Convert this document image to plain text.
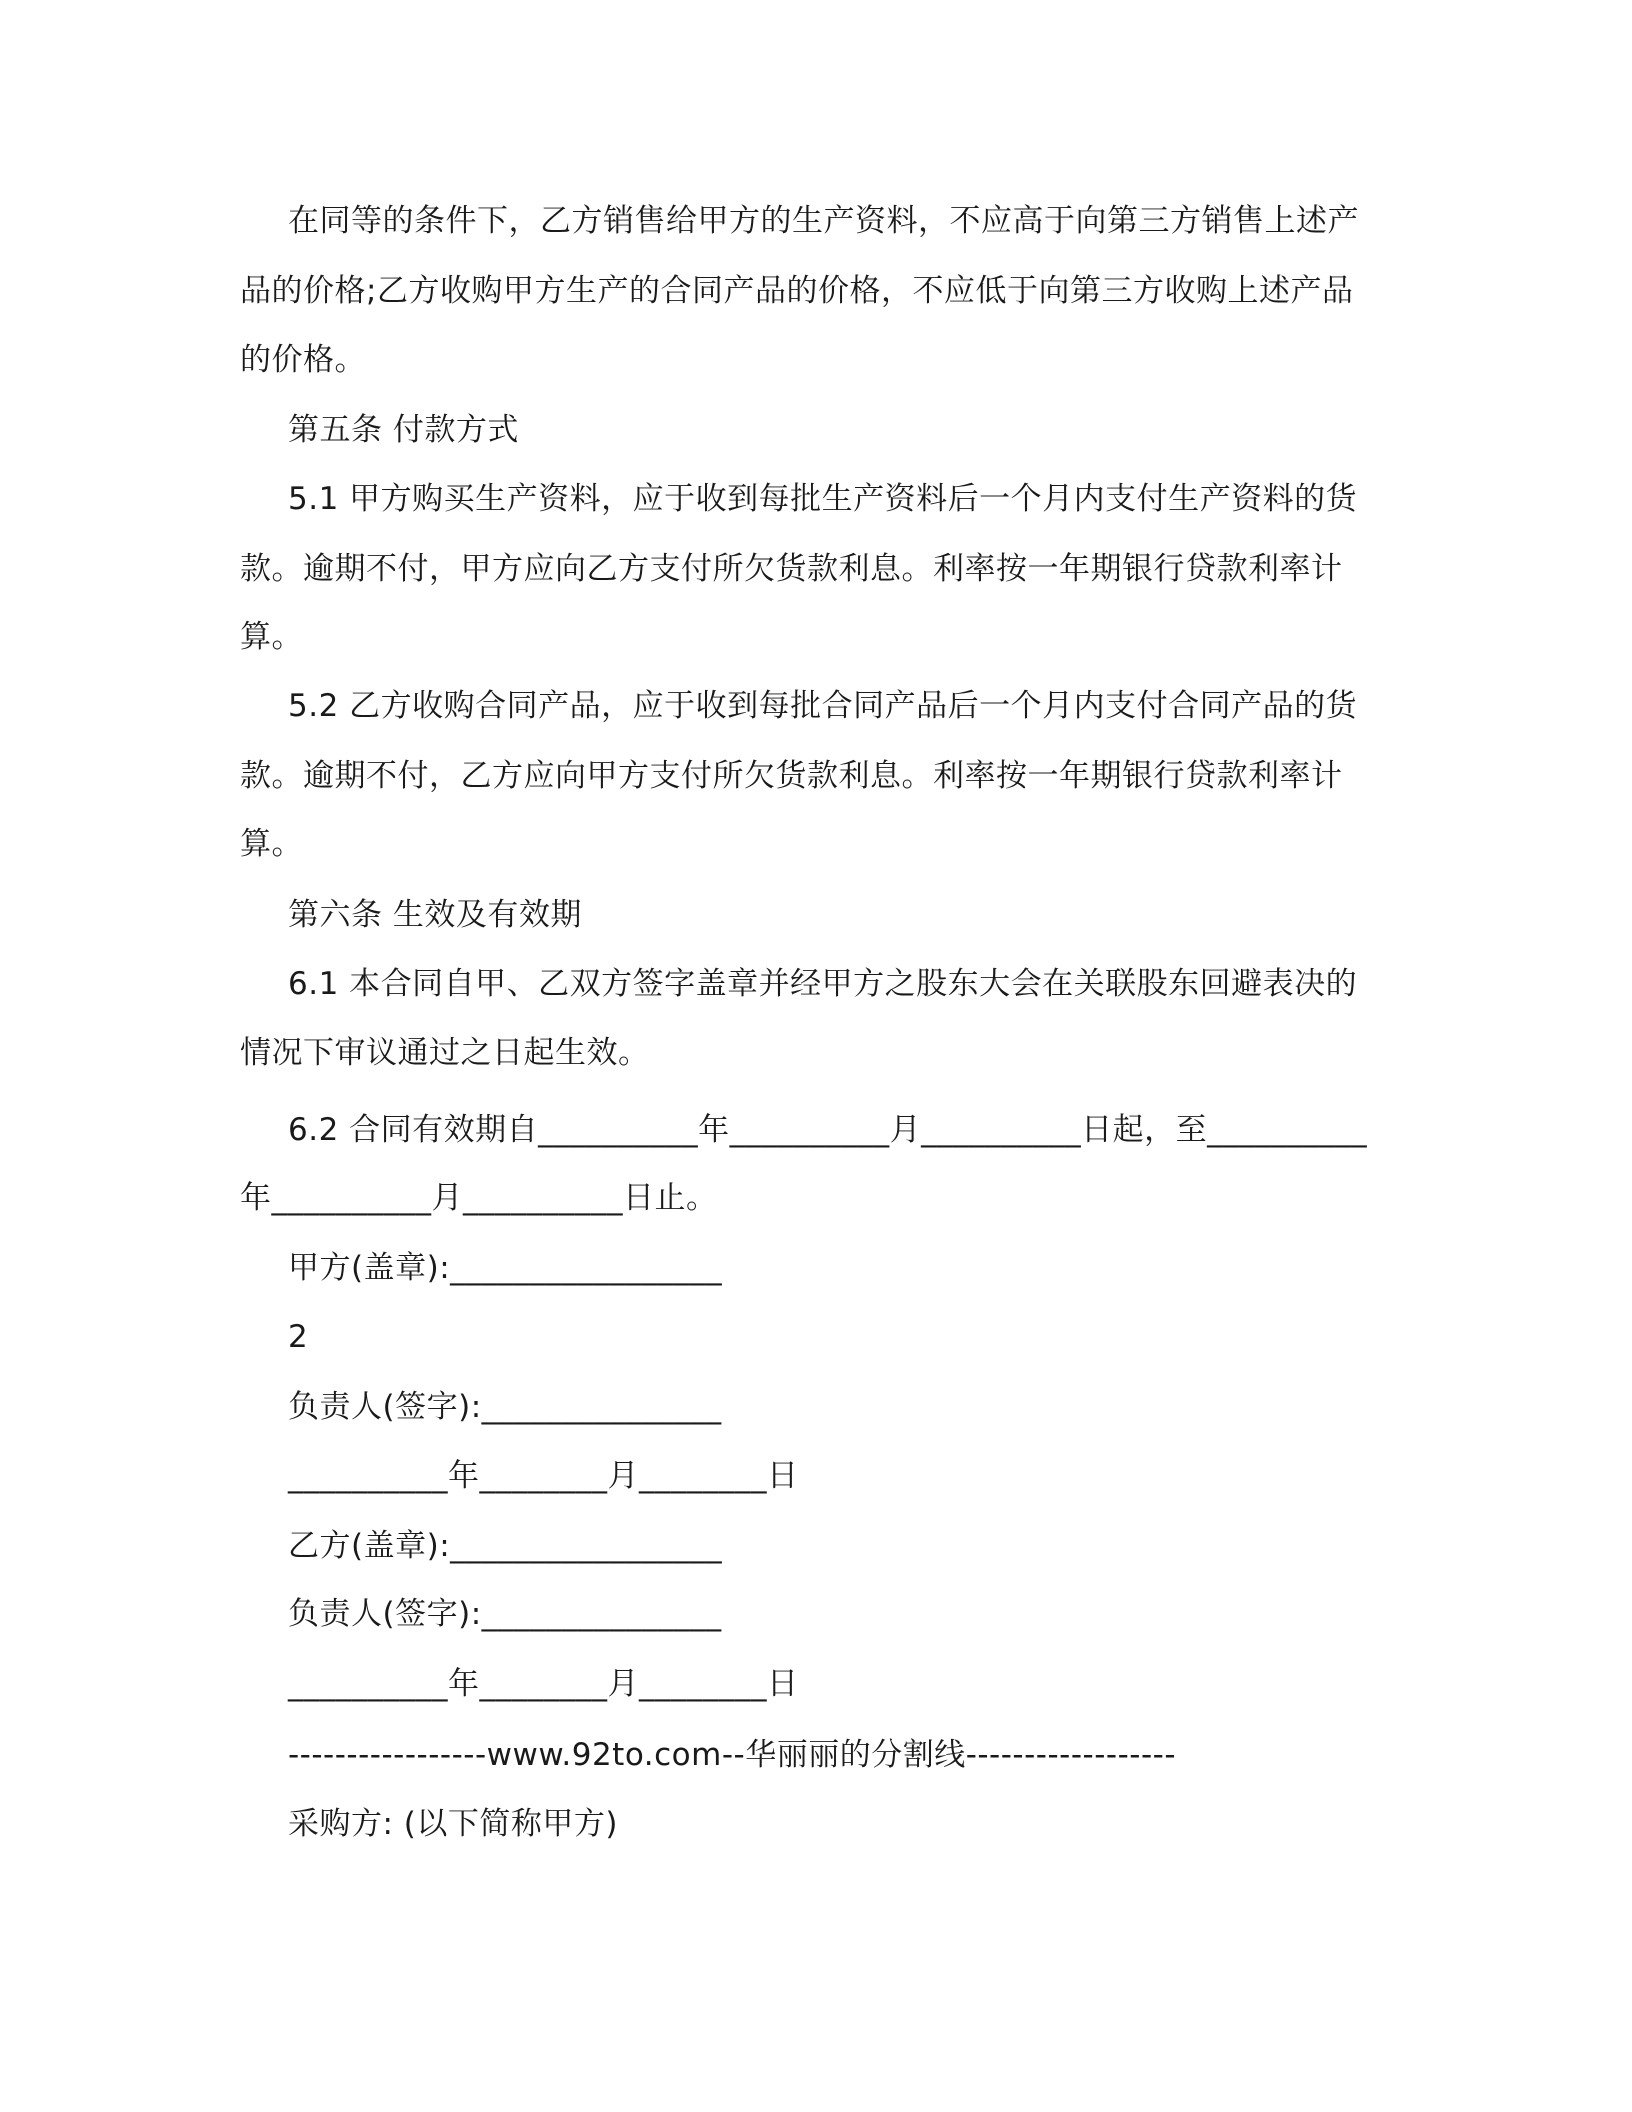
在同等的条件下，乙方销售给甲方的生产资料，不应高于向第三方销售上述产
品的价格;乙方收购甲方生产的合同产品的价格，不应低于向第三方收购上述产品
的价格。
第五条 付款方式
5.1 甲方购买生产资料，应于收到每批生产资料后一个月内支付生产资料的货
款。逾期不付，甲方应向乙方支付所欠货款利息。利率按一年期银行贷款利率计
算。
5.2 乙方收购合同产品，应于收到每批合同产品后一个月内支付合同产品的货
款。逾期不付，乙方应向甲方支付所欠货款利息。利率按一年期银行贷款利率计
算。
第六条 生效及有效期
6.1 本合同自甲、乙双方签字盖章并经甲方之股东大会在关联股东回避表决的
情况下审议通过之日起生效。
6.2 合同有效期自__________年__________月__________日起，至__________
年__________月__________日止。
甲方(盖章):_________________
2
负责人(签字):_______________
__________年________月________日
乙方(盖章):_________________
负责人(签字):_______________
__________年________月________日
-----------------www.92to.com--华丽丽的分割线------------------
采购方: (以下简称甲方)
